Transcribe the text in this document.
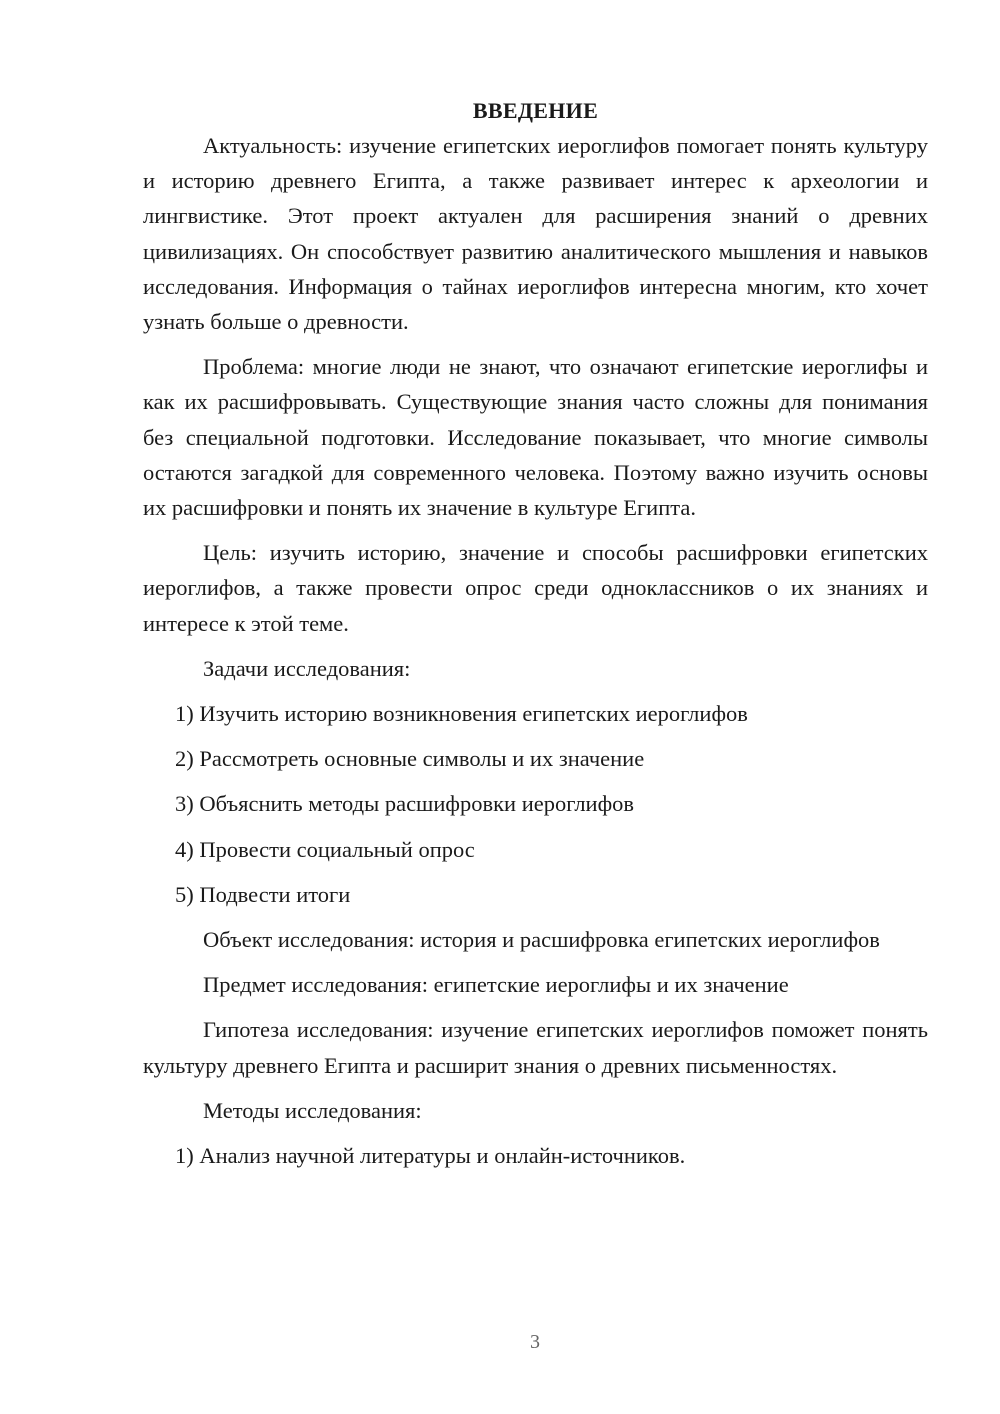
ВВЕДЕНИЕ

Актуальность: изучение египетских иероглифов помогает понять культуру и историю древнего Египта, а также развивает интерес к археологии и лингвистике. Этот проект актуален для расширения знаний о древних цивилизациях. Он способствует развитию аналитического мышления и навыков исследования. Информация о тайнах иероглифов интересна многим, кто хочет узнать больше о древности.

Проблема: многие люди не знают, что означают египетские иероглифы и как их расшифровывать. Существующие знания часто сложны для понимания без специальной подготовки. Исследование показывает, что многие символы остаются загадкой для современного человека. Поэтому важно изучить основы их расшифровки и понять их значение в культуре Египта.

Цель: изучить историю, значение и способы расшифровки египетских иероглифов, а также провести опрос среди одноклассников о их знаниях и интересе к этой теме.

Задачи исследования:

1) Изучить историю возникновения египетских иероглифов
2) Рассмотреть основные символы и их значение
3) Объяснить методы расшифровки иероглифов
4) Провести социальный опрос
5) Подвести итоги

Объект исследования: история и расшифровка египетских иероглифов

Предмет исследования: египетские иероглифы и их значение

Гипотеза исследования: изучение египетских иероглифов поможет понять культуру древнего Египта и расширит знания о древних письменностях.

Методы исследования:

1) Анализ научной литературы и онлайн-источников.
3
